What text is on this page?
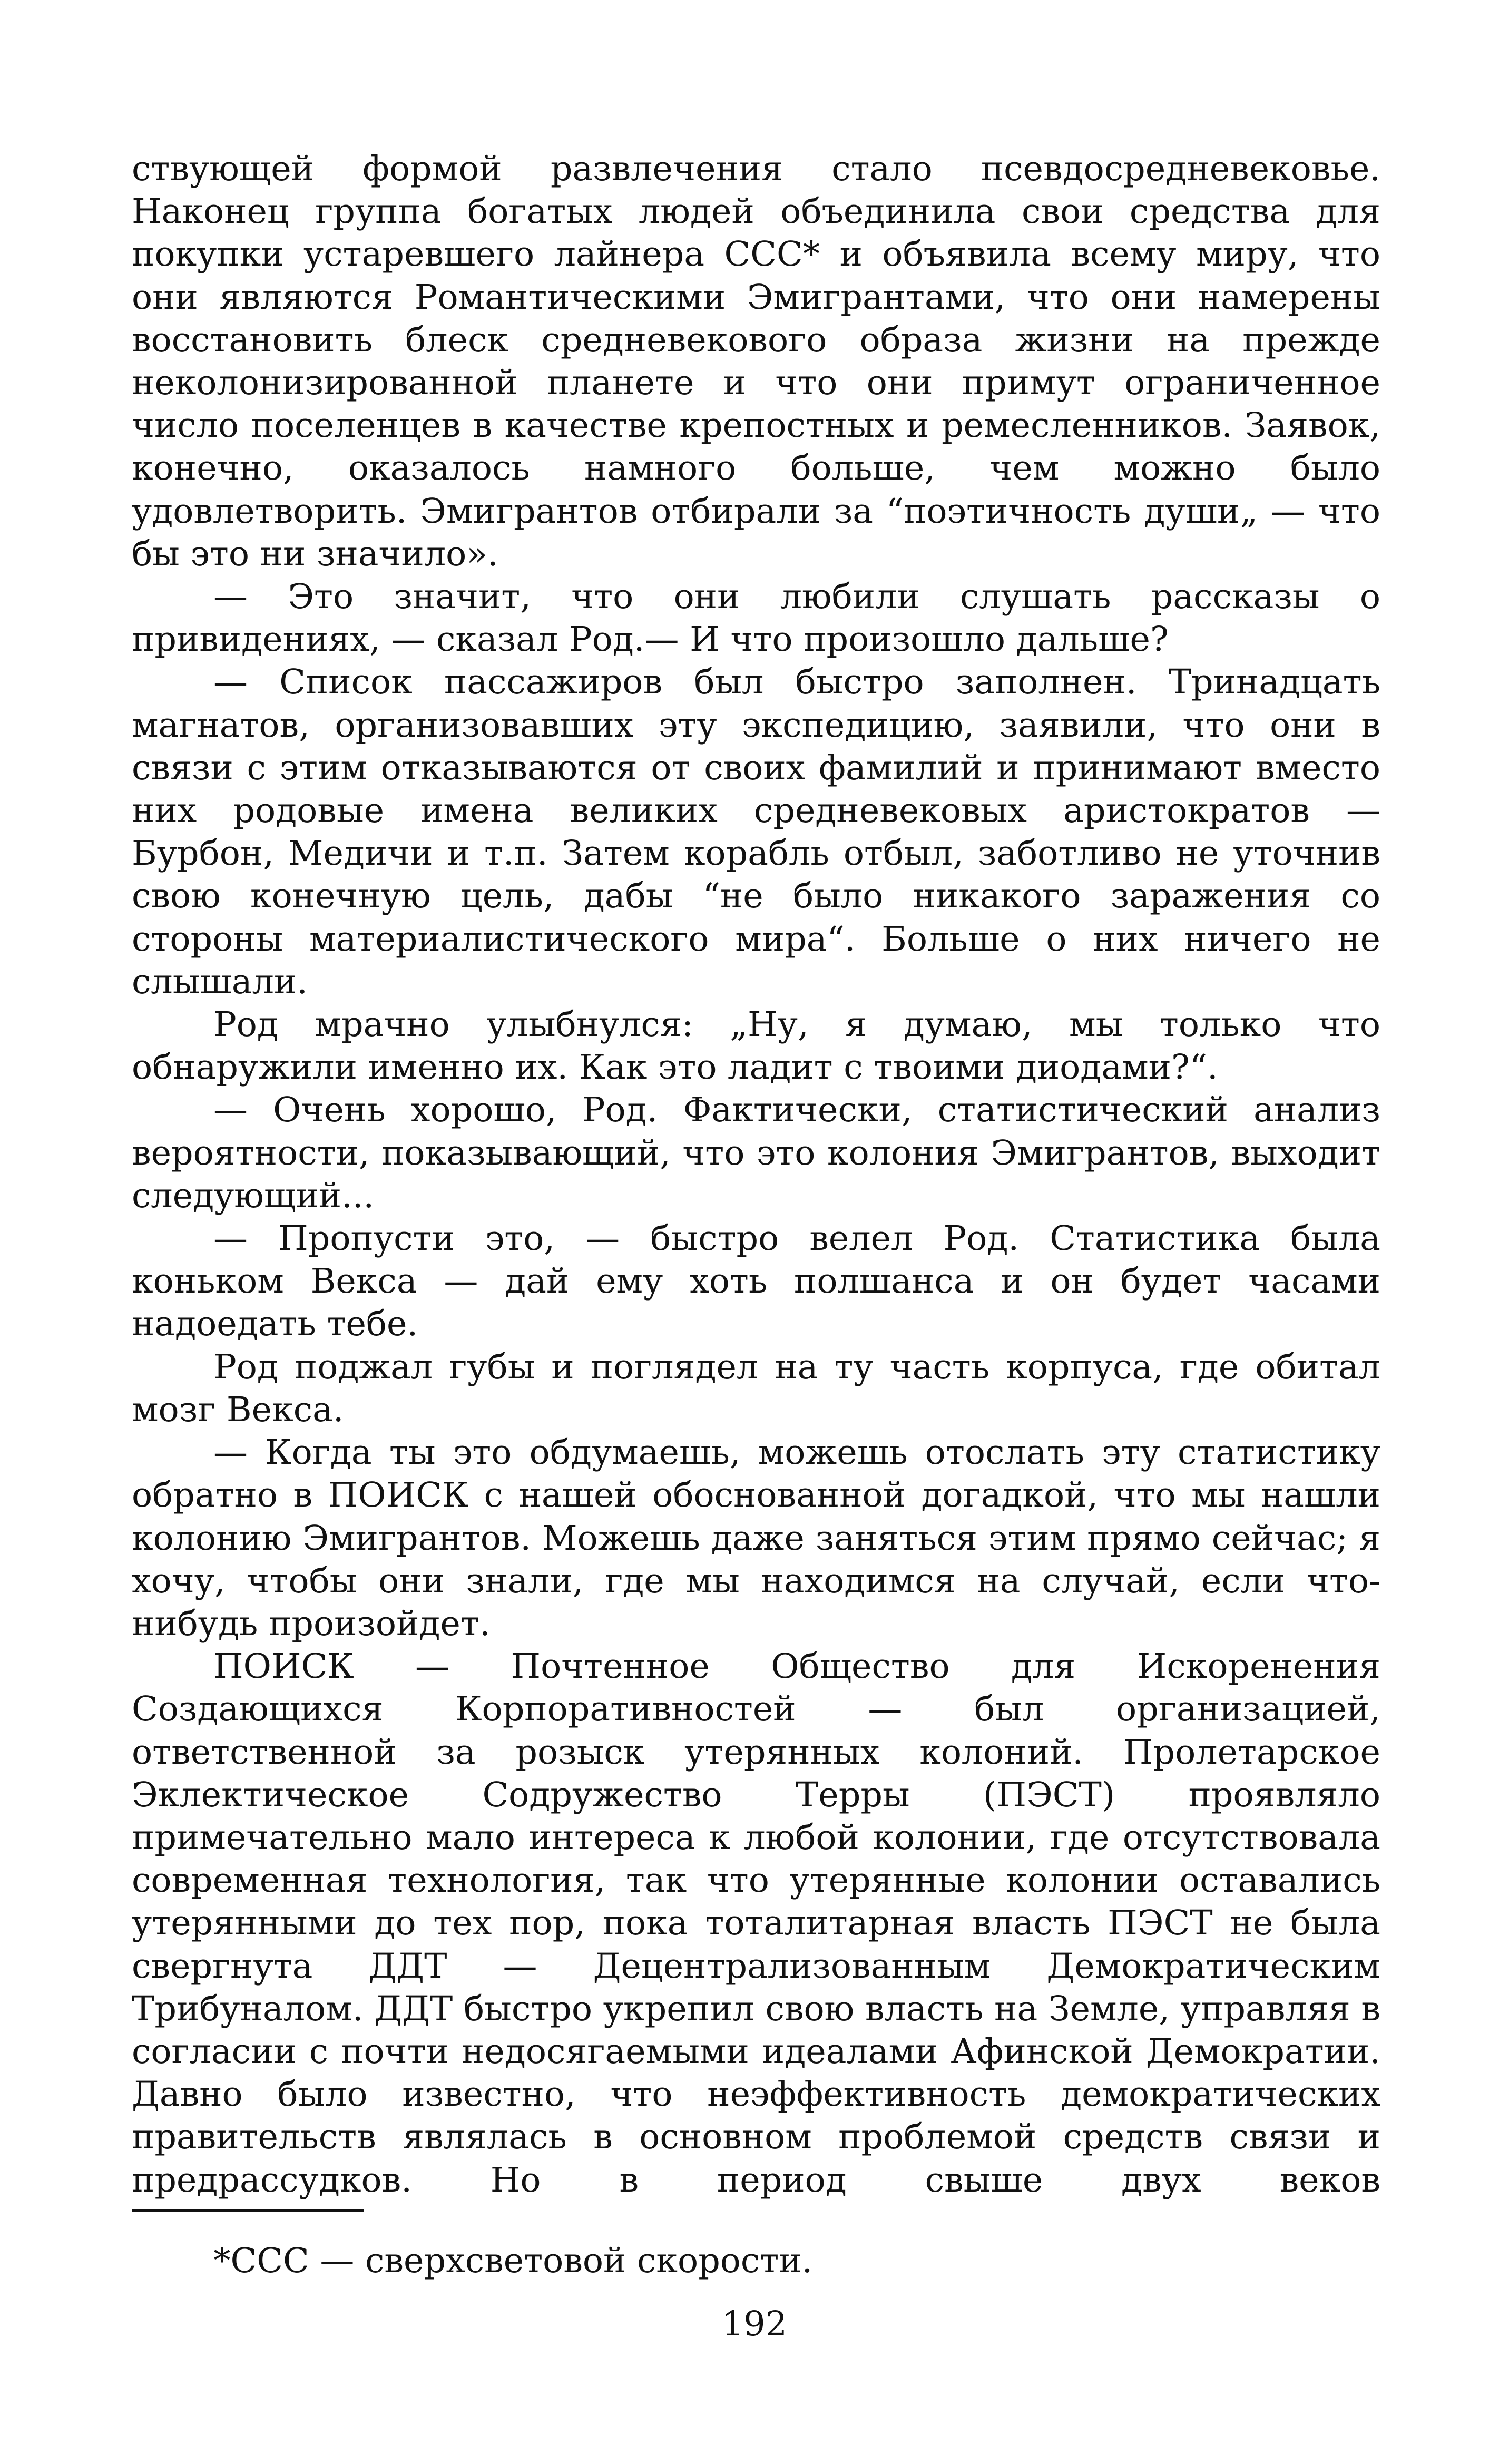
ствующей формой развлечения стало псевдосредневековье. Наконец группа богатых людей объединила свои средства для покупки устаревшего лайнера ССС* и объявила всему миру, что они являются Романтическими Эмигрантами, что они намерены восстановить блеск средневекового образа жизни на прежде неколонизированной планете и что они примут ограниченное число поселенцев в качестве крепостных и ремесленников. Заявок, конечно, оказалось намного больше, чем можно было удовлетворить. Эмигрантов отбирали за “поэтичность души„ — что бы это ни значило».

— Это значит, что они любили слушать рассказы о привидениях, — сказал Род.— И что произошло дальше?

— Список пассажиров был быстро заполнен. Тринадцать магнатов, организовавших эту экспедицию, заявили, что они в связи с этим отказываются от своих фамилий и принимают вместо них родовые имена великих средневековых аристократов — Бурбон, Медичи и т.п. Затем корабль отбыл, заботливо не уточнив свою конечную цель, дабы “не было никакого заражения со стороны материалистического мира“. Больше о них ничего не слышали.

Род мрачно улыбнулся: „Ну, я думаю, мы только что обнаружили именно их. Как это ладит с твоими диодами?“.

— Очень хорошо, Род. Фактически, статистический анализ вероятности, показывающий, что это колония Эмигрантов, выходит следующий...

— Пропусти это, — быстро велел Род. Статистика была коньком Векса — дай ему хоть полшанса и он будет часами надоедать тебе.

Род поджал губы и поглядел на ту часть корпуса, где обитал мозг Векса.

— Когда ты это обдумаешь, можешь отослать эту статистику обратно в ПОИСК с нашей обоснованной догадкой, что мы нашли колонию Эмигрантов. Можешь даже заняться этим прямо сейчас; я хочу, чтобы они знали, где мы находимся на случай, если что-нибудь произойдет.

ПОИСК — Почтенное Общество для Искоренения Создающихся Корпоративностей — был организацией, ответственной за розыск утерянных колоний. Пролетарское Эклектическое Содружество Терры (ПЭСТ) проявляло примечательно мало интереса к любой колонии, где отсутствовала современная технология, так что утерянные колонии оставались утерянными до тех пор, пока тоталитарная власть ПЭСТ не была свергнута ДДТ — Децентрализованным Демократическим Трибуналом. ДДТ быстро укрепил свою власть на Земле, управляя в согласии с почти недосягаемыми идеалами Афинской Демократии. Давно было известно, что неэффективность демократических правительств являлась в основном проблемой средств связи и предрассудков. Но в период свыше двух веков

*ССС — сверхсветовой скорости.

192
